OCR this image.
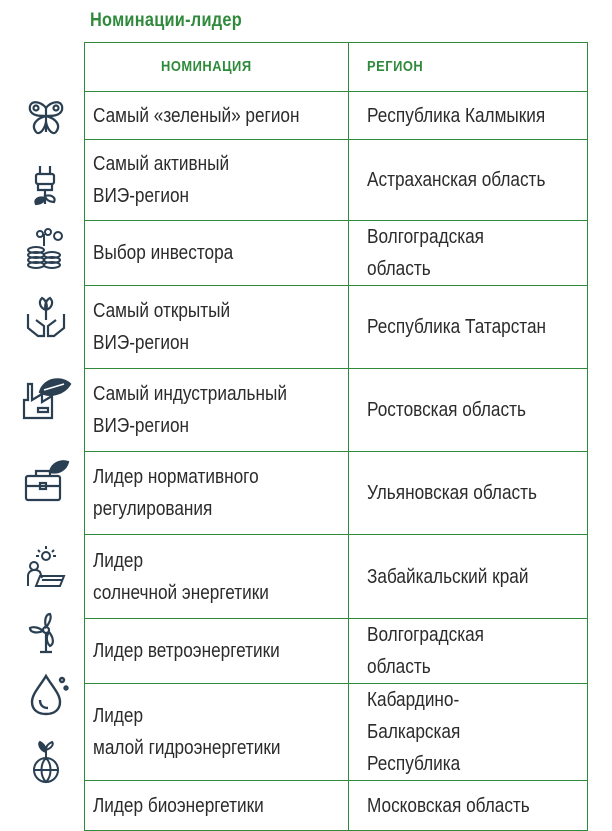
Номинации-лидер
НОМИНАЦИЯ	РЕГИОН
Самый «зеленый» регион	Республика Калмыкия
Самый активный
ВИЭ-регион	Астраханская область
Выбор инвестора	Волгоградская область
Самый открытый
ВИЭ-регион	Республика Татарстан
Самый индустриальный
ВИЭ-регион	Ростовская область
Лидер нормативного
регулирования	Ульяновская область
Лидер
солнечной энергетики	Забайкальский край
Лидер ветроэнергетики	Волгоградская область
Лидер
малой гидроэнергетики	Кабардино-Балкарская
Республика
Лидер биоэнергетики	Московская область
